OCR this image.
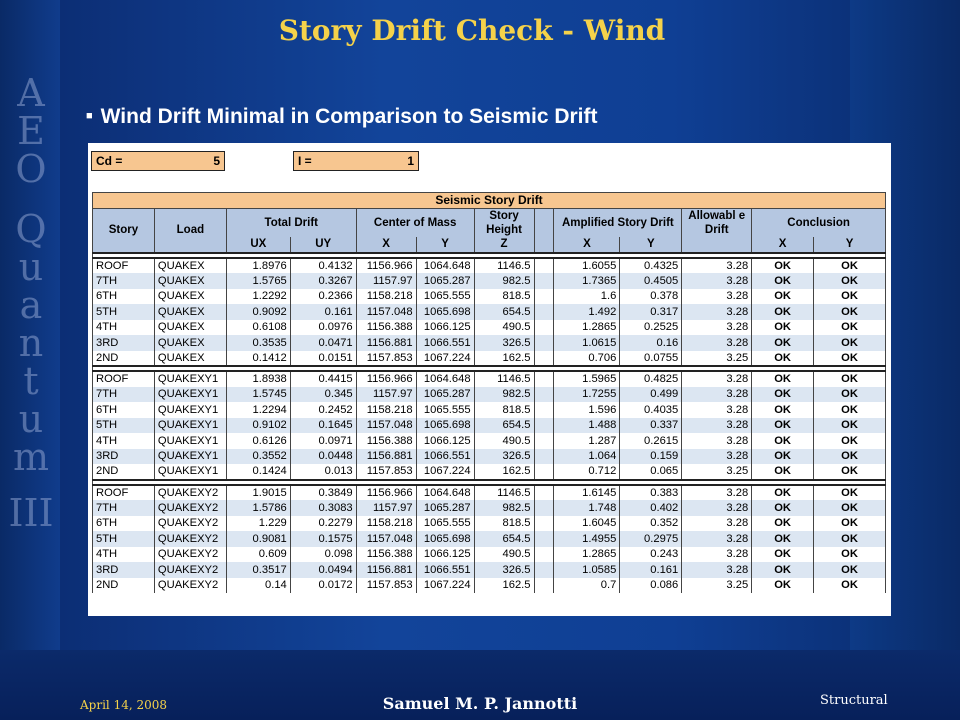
A
E
O
Q
u
a
n
t
u
m
III
Story Drift Check - Wind
■ Wind Drift Minimal in Comparison to Seismic Drift
Cd =	5	I =	1
Seismic Story Drift												
Story	Load	Total Drift		Center of Mass		Story Height		Amplified Story Drift		Allowabl e Drift	Conclusion	
		UX	UY	X	Y	Z		X	Y		X	Y

ROOF	QUAKEX	1.8976	0.4132	1156.966	1064.648	1146.5		1.6055	0.4325	3.28	OK	OK
7TH	QUAKEX	1.5765	0.3267	1157.97	1065.287	982.5		1.7365	0.4505	3.28	OK	OK
6TH	QUAKEX	1.2292	0.2366	1158.218	1065.555	818.5		1.6	0.378	3.28	OK	OK
5TH	QUAKEX	0.9092	0.161	1157.048	1065.698	654.5		1.492	0.317	3.28	OK	OK
4TH	QUAKEX	0.6108	0.0976	1156.388	1066.125	490.5		1.2865	0.2525	3.28	OK	OK
3RD	QUAKEX	0.3535	0.0471	1156.881	1066.551	326.5		1.0615	0.16	3.28	OK	OK
2ND	QUAKEX	0.1412	0.0151	1157.853	1067.224	162.5		0.706	0.0755	3.25	OK	OK

ROOF	QUAKEXY1	1.8938	0.4415	1156.966	1064.648	1146.5		1.5965	0.4825	3.28	OK	OK
7TH	QUAKEXY1	1.5745	0.345	1157.97	1065.287	982.5		1.7255	0.499	3.28	OK	OK
6TH	QUAKEXY1	1.2294	0.2452	1158.218	1065.555	818.5		1.596	0.4035	3.28	OK	OK
5TH	QUAKEXY1	0.9102	0.1645	1157.048	1065.698	654.5		1.488	0.337	3.28	OK	OK
4TH	QUAKEXY1	0.6126	0.0971	1156.388	1066.125	490.5		1.287	0.2615	3.28	OK	OK
3RD	QUAKEXY1	0.3552	0.0448	1156.881	1066.551	326.5		1.064	0.159	3.28	OK	OK
2ND	QUAKEXY1	0.1424	0.013	1157.853	1067.224	162.5		0.712	0.065	3.25	OK	OK

ROOF	QUAKEXY2	1.9015	0.3849	1156.966	1064.648	1146.5		1.6145	0.383	3.28	OK	OK
7TH	QUAKEXY2	1.5786	0.3083	1157.97	1065.287	982.5		1.748	0.402	3.28	OK	OK
6TH	QUAKEXY2	1.229	0.2279	1158.218	1065.555	818.5		1.6045	0.352	3.28	OK	OK
5TH	QUAKEXY2	0.9081	0.1575	1157.048	1065.698	654.5		1.4955	0.2975	3.28	OK	OK
4TH	QUAKEXY2	0.609	0.098	1156.388	1066.125	490.5		1.2865	0.243	3.28	OK	OK
3RD	QUAKEXY2	0.3517	0.0494	1156.881	1066.551	326.5		1.0585	0.161	3.28	OK	OK
2ND	QUAKEXY2	0.14	0.0172	1157.853	1067.224	162.5		0.7	0.086	3.25	OK	OK
April 14, 2008	Samuel M. P. Jannotti	Structural
